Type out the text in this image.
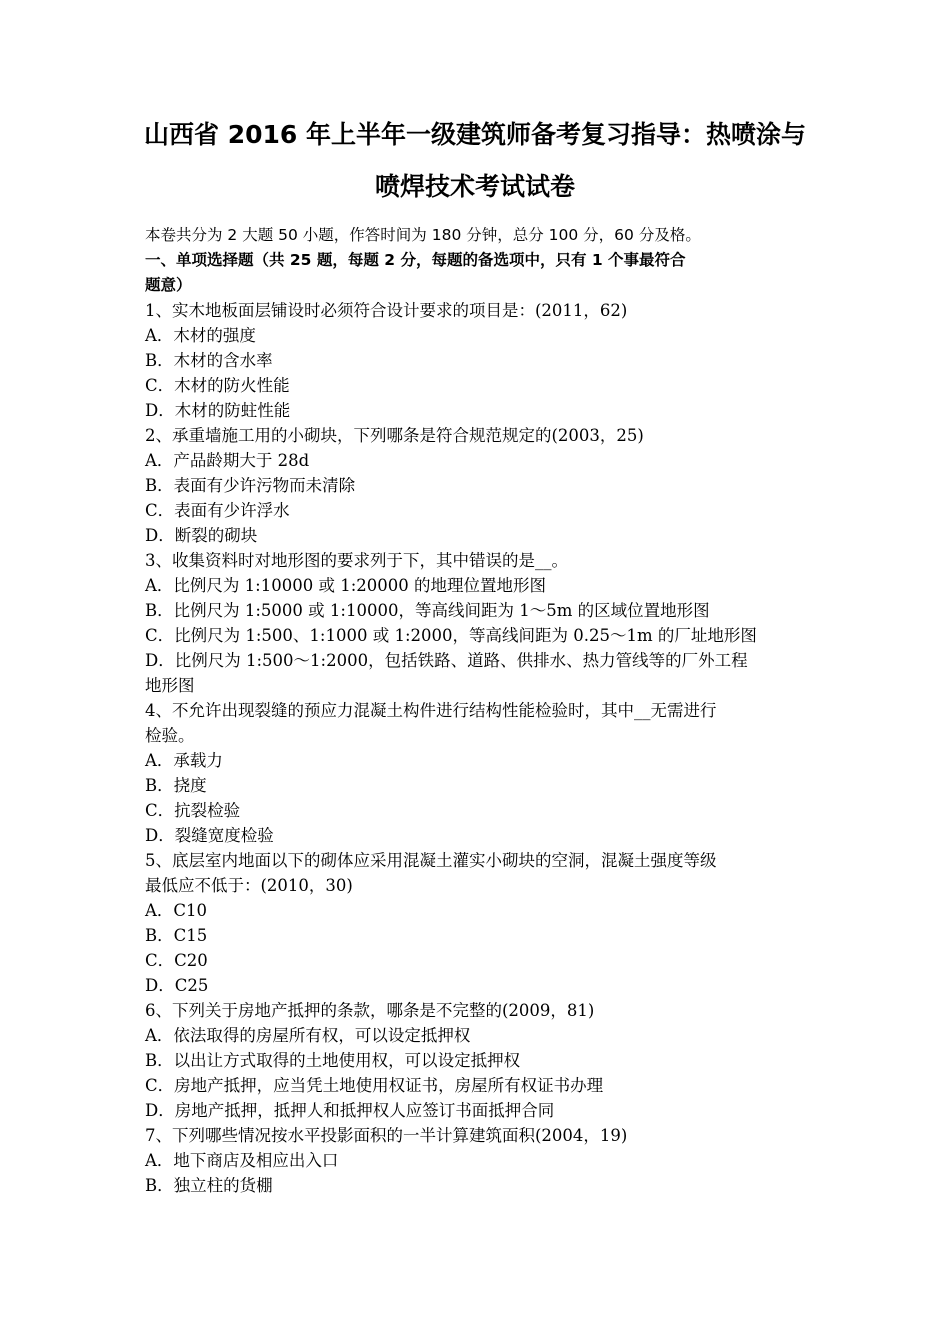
山西省 2016 年上半年一级建筑师备考复习指导：热喷涂与
喷焊技术考试试卷
本卷共分为 2 大题 50 小题，作答时间为 180 分钟，总分 100 分，60 分及格。
一、单项选择题（共 25 题，每题 2 分，每题的备选项中，只有 1 个事最符合
题意）
1、实木地板面层铺设时必须符合设计要求的项目是：(2011，62)
A．木材的强度
B．木材的含水率
C．木材的防火性能
D．木材的防蛀性能
2、承重墙施工用的小砌块，下列哪条是符合规范规定的(2003，25)
A．产品龄期大于 28d
B．表面有少许污物而未清除
C．表面有少许浮水
D．断裂的砌块
3、收集资料时对地形图的要求列于下，其中错误的是__。
A．比例尺为 1:10000 或 1:20000 的地理位置地形图
B．比例尺为 1:5000 或 1:10000，等高线间距为 1～5m 的区域位置地形图
C．比例尺为 1:500、1:1000 或 1:2000，等高线间距为 0.25～1m 的厂址地形图
D．比例尺为 1:500～1:2000，包括铁路、道路、供排水、热力管线等的厂外工程
地形图
4、不允许出现裂缝的预应力混凝土构件进行结构性能检验时，其中__无需进行
检验。
A．承载力
B．挠度
C．抗裂检验
D．裂缝宽度检验
5、底层室内地面以下的砌体应采用混凝土灌实小砌块的空洞，混凝土强度等级
最低应不低于：(2010，30)
A．C10
B．C15
C．C20
D．C25
6、下列关于房地产抵押的条款，哪条是不完整的(2009，81)
A．依法取得的房屋所有权，可以设定抵押权
B．以出让方式取得的土地使用权，可以设定抵押权
C．房地产抵押，应当凭土地使用权证书，房屋所有权证书办理
D．房地产抵押，抵押人和抵押权人应签订书面抵押合同
7、下列哪些情况按水平投影面积的一半计算建筑面积(2004，19)
A．地下商店及相应出入口
B．独立柱的货棚
